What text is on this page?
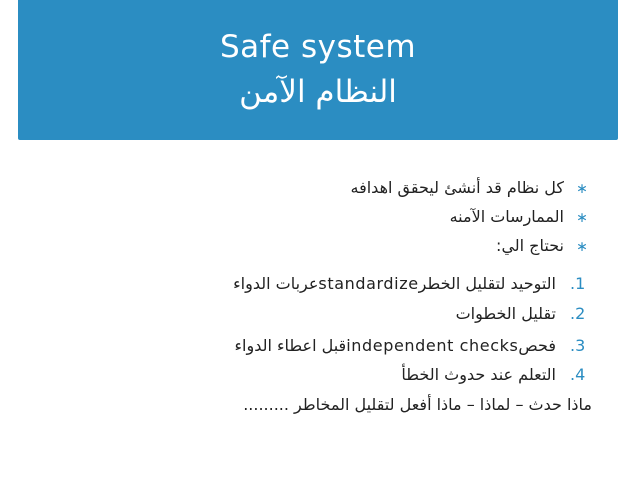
Safe system
النظام الآمن
∗
كل نظام قد أنشئ ليحقق اهدافه
∗
الممارسات الآمنه
∗
نحتاج الي:
.1
التوحيد لتقليل الخطر
standardize
عربات الدواء
.2
تقليل الخطوات
.3
فحص
independent checks
قبل اعطاء الدواء
.4
التعلم عند حدوث الخطأ
ماذا حدث – لماذا – ماذا أفعل لتقليل المخاطر .........
